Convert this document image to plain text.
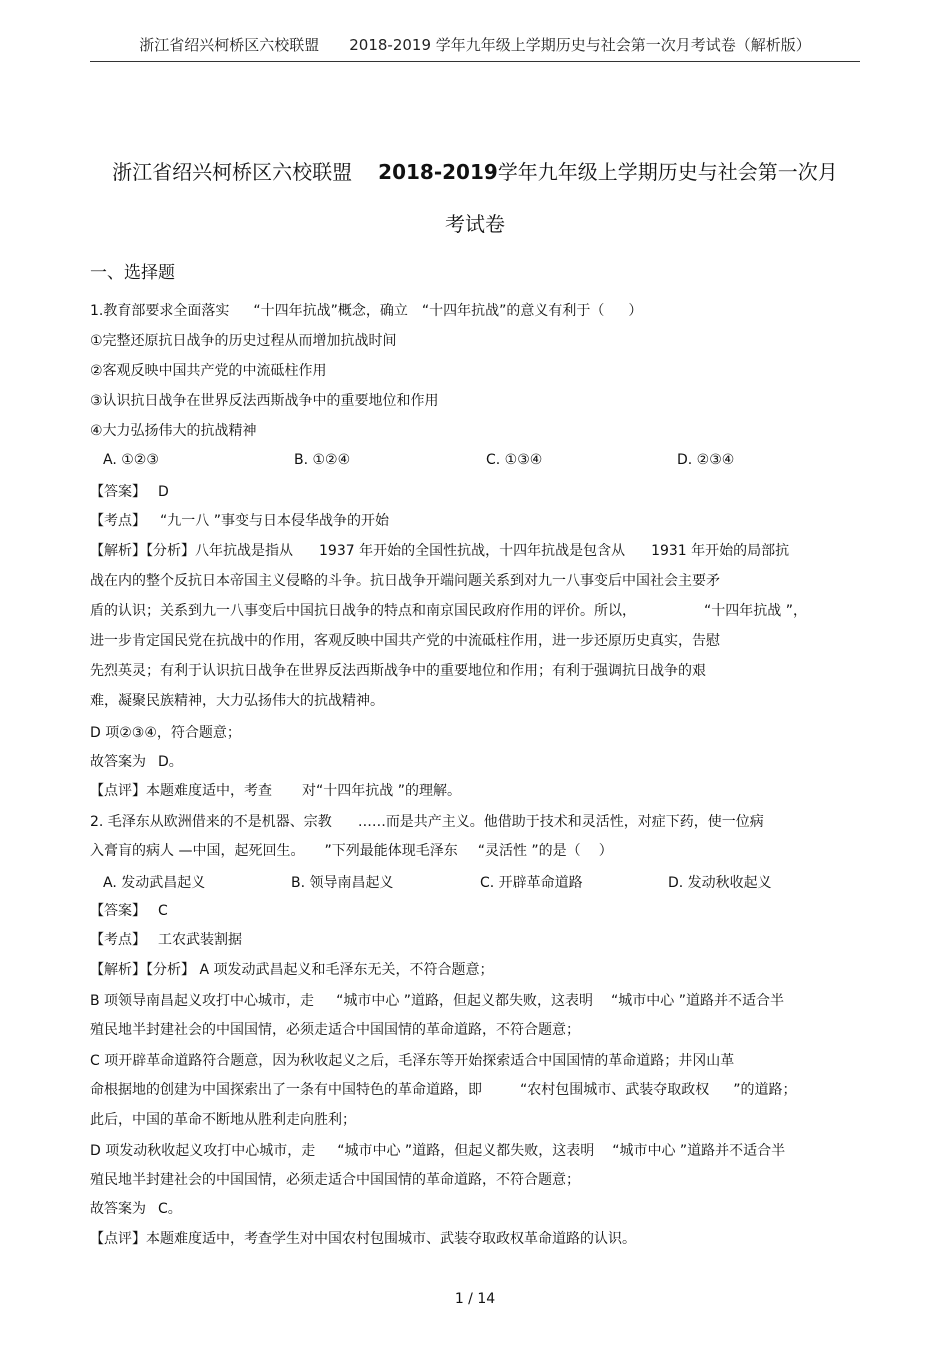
浙江省绍兴柯桥区六校联盟 2018-2019 学年九年级上学期历史与社会第一次月考试卷（解析版）
浙江省绍兴柯桥区六校联盟 2018-2019学年九年级上学期历史与社会第一次月
考试卷
一、选择题
1.教育部要求全面落实 “十四年抗战”概念，确立 “十四年抗战”的意义有利于（ ）
①完整还原抗日战争的历史过程从而增加抗战时间
②客观反映中国共产党的中流砥柱作用
③认识抗日战争在世界反法西斯战争中的重要地位和作用
④大力弘扬伟大的抗战精神
A. ①②③	B. ①②④	C. ①③④	D. ②③④
【答案】 D
【考点】 “九一八 ”事变与日本侵华战争的开始
【解析】【分析】八年抗战是指从 1937 年开始的全国性抗战，十四年抗战是包含从 1931 年开始的局部抗
战在内的整个反抗日本帝国主义侵略的斗争。抗日战争开端问题关系到对九一八事变后中国社会主要矛
盾的认识；关系到九一八事变后中国抗日战争的特点和南京国民政府作用的评价。所以，	“十四年抗战 ”，
进一步肯定国民党在抗战中的作用，客观反映中国共产党的中流砥柱作用，进一步还原历史真实，告慰
先烈英灵；有利于认识抗日战争在世界反法西斯战争中的重要地位和作用；有利于强调抗日战争的艰
难，凝聚民族精神，大力弘扬伟大的抗战精神。
D 项②③④，符合题意；
故答案为 D。
【点评】本题难度适中，考查 对“十四年抗战 ”的理解。
2. 毛泽东从欧洲借来的不是机器、宗教 ……而是共产主义。他借助于技术和灵活性，对症下药，使一位病
入膏肓的病人 —中国，起死回生。 ”下列最能体现毛泽东 “灵活性 ”的是（ ）
A. 发动武昌起义	B. 领导南昌起义	C. 开辟革命道路	D. 发动秋收起义
【答案】 C
【考点】 工农武装割据
【解析】【分析】 A 项发动武昌起义和毛泽东无关，不符合题意；
B 项领导南昌起义攻打中心城市，走 “城市中心 ”道路，但起义都失败，这表明 “城市中心 ”道路并不适合半
殖民地半封建社会的中国国情，必须走适合中国国情的革命道路，不符合题意；
C 项开辟革命道路符合题意，因为秋收起义之后，毛泽东等开始探索适合中国国情的革命道路；井冈山革
命根据地的创建为中国探索出了一条有中国特色的革命道路，即	“农村包围城市、武装夺取政权 ”的道路；
此后，中国的革命不断地从胜利走向胜利；
D 项发动秋收起义攻打中心城市，走 “城市中心 ”道路，但起义都失败，这表明 “城市中心 ”道路并不适合半
殖民地半封建社会的中国国情，必须走适合中国国情的革命道路，不符合题意；
故答案为 C。
【点评】本题难度适中，考查学生对中国农村包围城市、武装夺取政权革命道路的认识。
1 / 14
